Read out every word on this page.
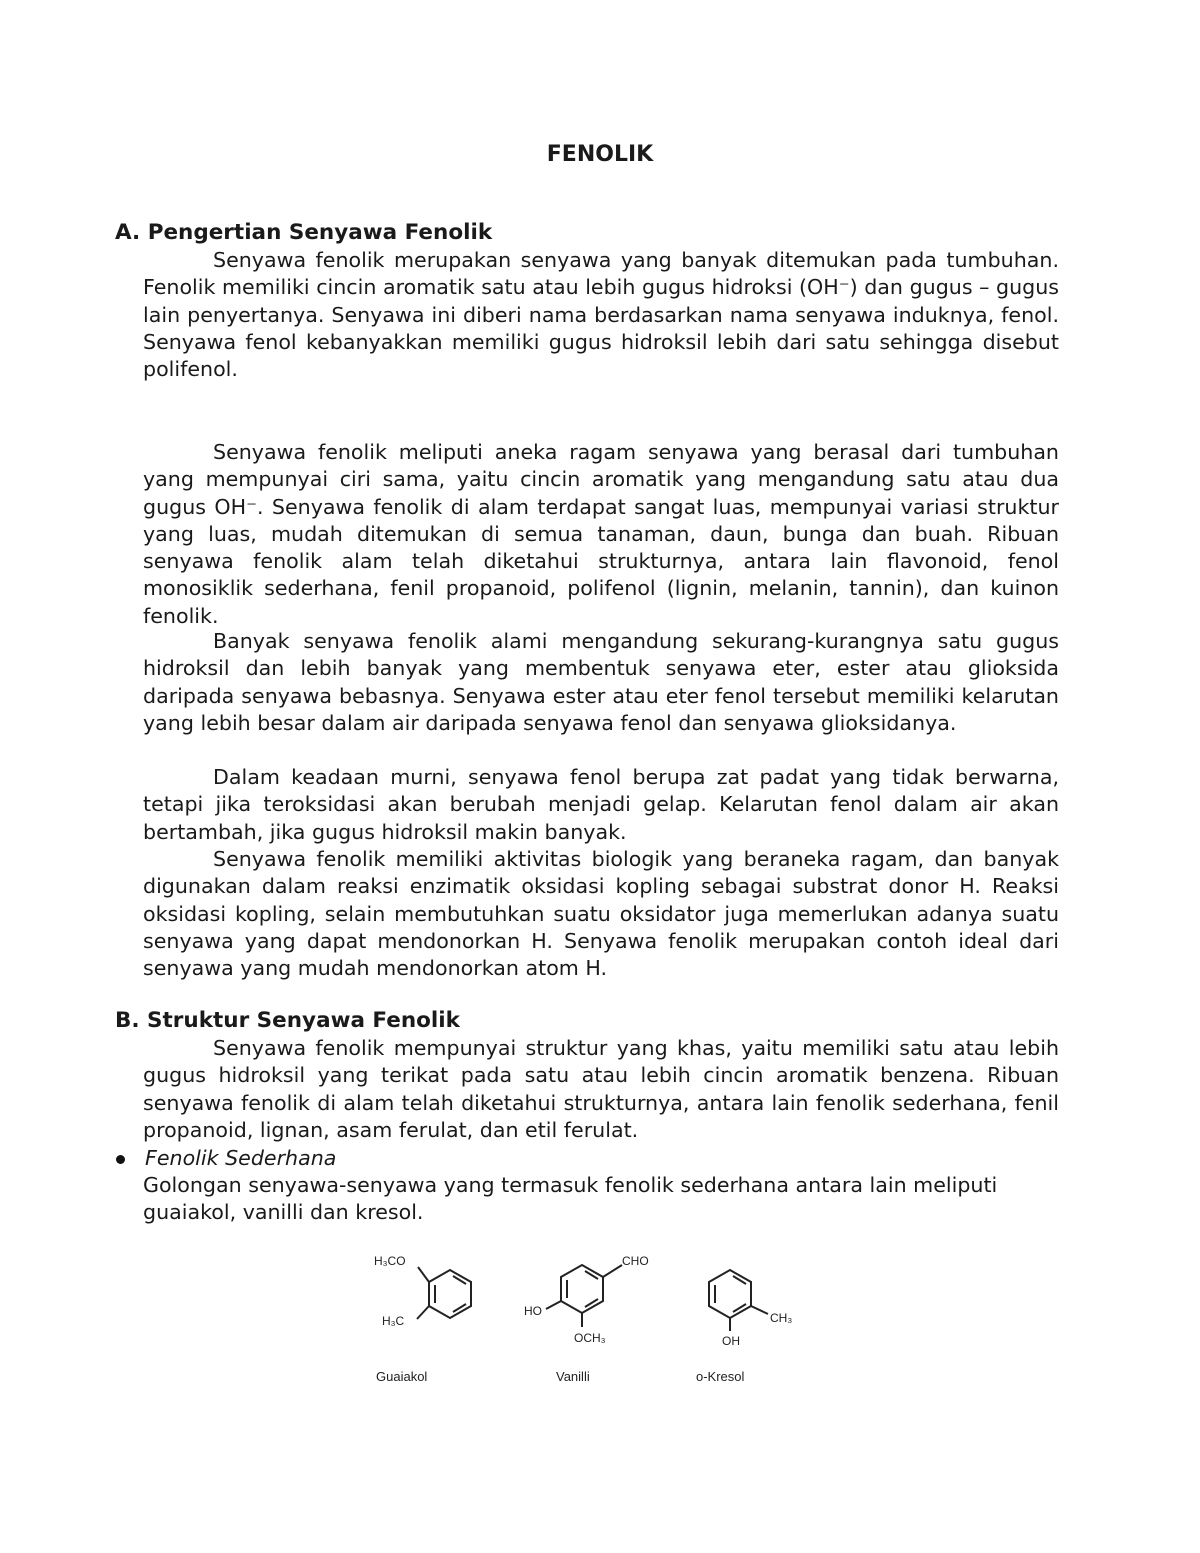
FENOLIK
A. Pengertian Senyawa Fenolik

Senyawa fenolik merupakan senyawa yang banyak ditemukan pada tumbuhan. Fenolik memiliki cincin aromatik satu atau lebih gugus hidroksi (OH⁻) dan gugus – gugus lain penyertanya. Senyawa ini diberi nama berdasarkan nama senyawa induknya, fenol. Senyawa fenol kebanyakkan memiliki gugus hidroksil lebih dari satu sehingga disebut polifenol.

Senyawa fenolik meliputi aneka ragam senyawa yang berasal dari tumbuhan yang mempunyai ciri sama, yaitu cincin aromatik yang mengandung satu atau dua gugus OH⁻. Senyawa fenolik di alam terdapat sangat luas, mempunyai variasi struktur yang luas, mudah ditemukan di semua tanaman, daun, bunga dan buah. Ribuan senyawa fenolik alam telah diketahui strukturnya, antara lain flavonoid, fenol monosiklik sederhana, fenil propanoid, polifenol (lignin, melanin, tannin), dan kuinon fenolik.

Banyak senyawa fenolik alami mengandung sekurang-kurangnya satu gugus hidroksil dan lebih banyak yang membentuk senyawa eter, ester atau glioksida daripada senyawa bebasnya. Senyawa ester atau eter fenol tersebut memiliki kelarutan yang lebih besar dalam air daripada senyawa fenol dan senyawa glioksidanya.

Dalam keadaan murni, senyawa fenol berupa zat padat yang tidak berwarna, tetapi jika teroksidasi akan berubah menjadi gelap. Kelarutan fenol dalam air akan bertambah, jika gugus hidroksil makin banyak.

Senyawa fenolik memiliki aktivitas biologik yang beraneka ragam, dan banyak digunakan dalam reaksi enzimatik oksidasi kopling sebagai substrat donor H. Reaksi oksidasi kopling, selain membutuhkan suatu oksidator juga memerlukan adanya suatu senyawa yang dapat mendonorkan H. Senyawa fenolik merupakan contoh ideal dari senyawa yang mudah mendonorkan atom H.

B. Struktur Senyawa Fenolik

Senyawa fenolik mempunyai struktur yang khas, yaitu memiliki satu atau lebih gugus hidroksil yang terikat pada satu atau lebih cincin aromatik benzena. Ribuan senyawa fenolik di alam telah diketahui strukturnya, antara lain fenolik sederhana, fenil propanoid, lignan, asam ferulat, dan etil ferulat.

Fenolik Sederhana

Golongan senyawa-senyawa yang termasuk fenolik sederhana antara lain meliputi guaiakol, vanilli dan kresol.

H₃CO
H₃C
Guaiakol
CHO
HO
OCH₃
Vanilli
CH₃
OH
o-Kresol
